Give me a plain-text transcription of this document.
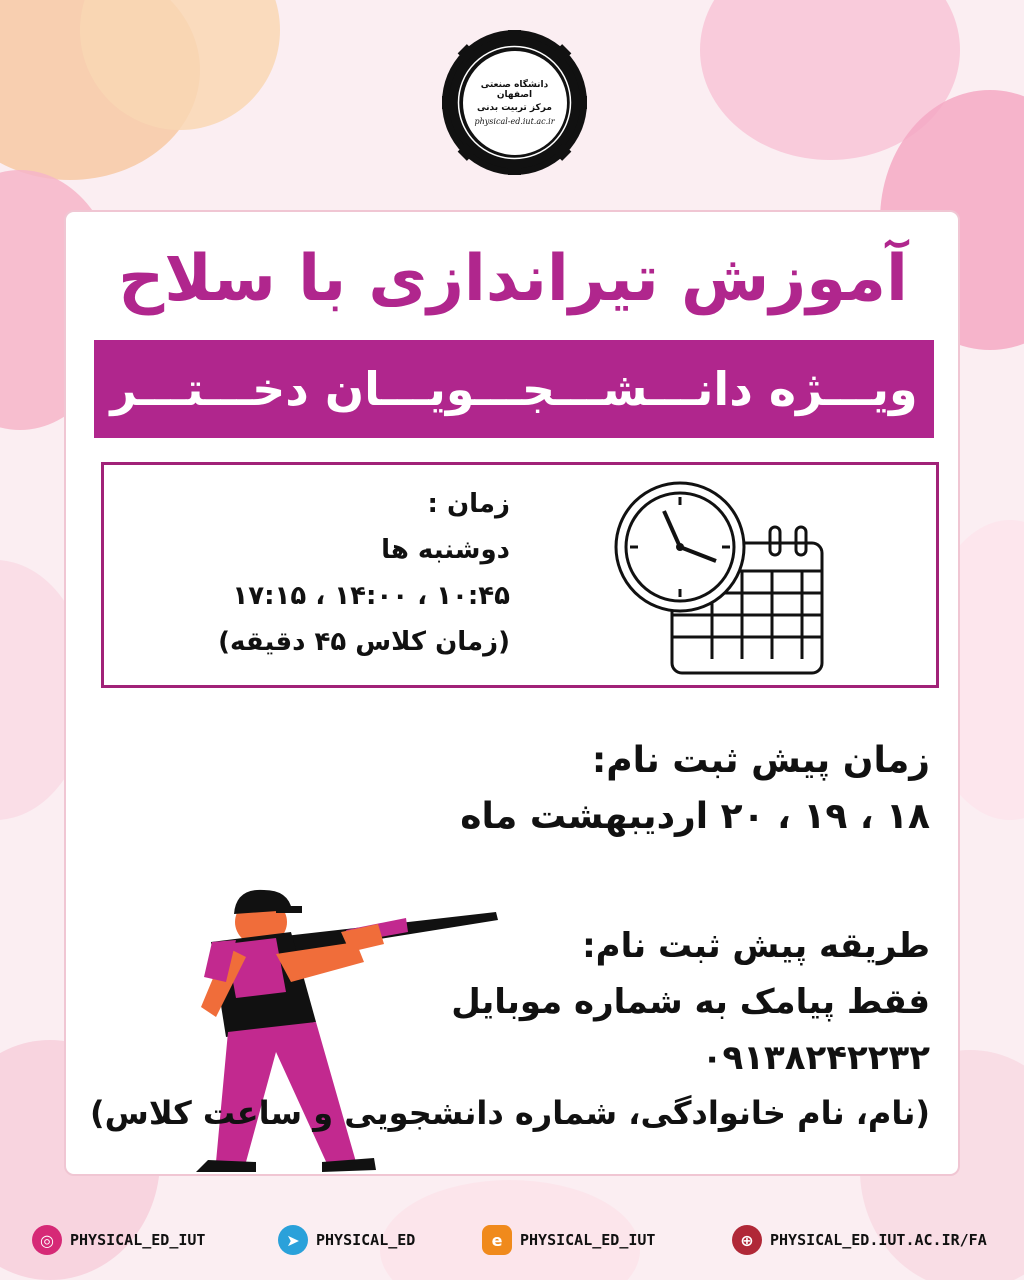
دانشگاه صنعتی اصفهان
مرکز تربیت بدنی
physical-ed.iut.ac.ir
آموزش تیراندازی با سلاح
ویـــژه دانـــشـــجـــویـــان دخـــتـــر
زمان :
دوشنبه ها
۱۰:۴۵ ، ۱۴:۰۰ ، ۱۷:۱۵
(زمان کلاس ۴۵ دقیقه)
زمان پیش ثبت نام:
۱۸ ، ۱۹ ، ۲۰ اردیبهشت ماه
طریقه پیش ثبت نام:
فقط پیامک به شماره موبایل
۰۹۱۳۸۲۴۲۲۳۲
(نام، نام خانوادگی، شماره دانشجویی و ساعت کلاس)
◎	PHYSICAL_ED_IUT	➤	PHYSICAL_ED	e	PHYSICAL_ED_IUT	⊕	PHYSICAL_ED.IUT.AC.IR/FA
